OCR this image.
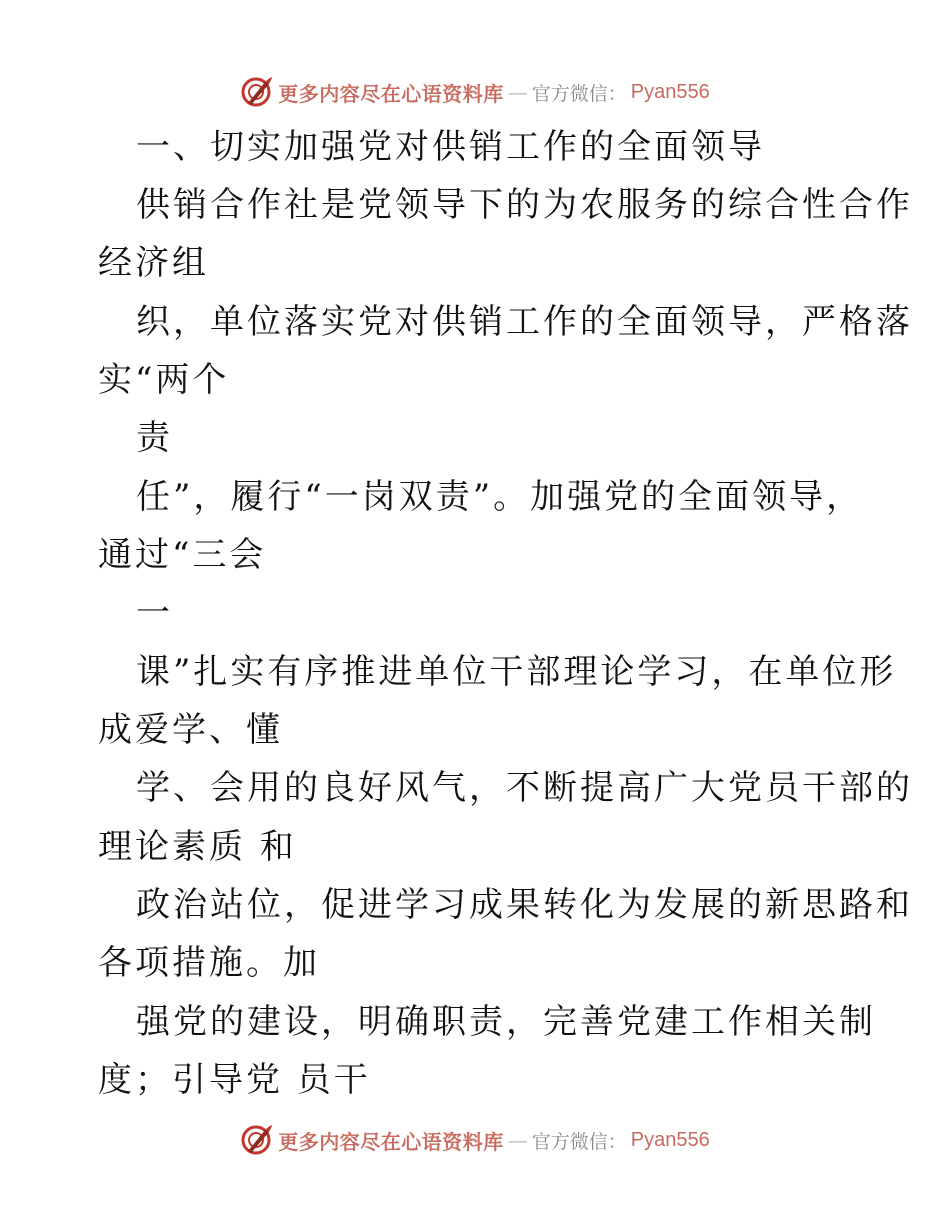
更多内容尽在心语资料库 — 官方微信： Pyan556
一、切实加强党对供销工作的全面领导
供销合作社是党领导下的为农服务的综合性合作
经济组
织，单位落实党对供销工作的全面领导，严格落
实“两个
责
任”，履行“一岗双责”。加强党的全面领导，
通过“三会
一
课”扎实有序推进单位干部理论学习，在单位形
成爱学、懂
学、会用的良好风气，不断提高广大党员干部的
理论素质 和
政治站位，促进学习成果转化为发展的新思路和
各项措施。加
强党的建设，明确职责，完善党建工作相关制
度；引导党 员干
更多内容尽在心语资料库 — 官方微信： Pyan556
